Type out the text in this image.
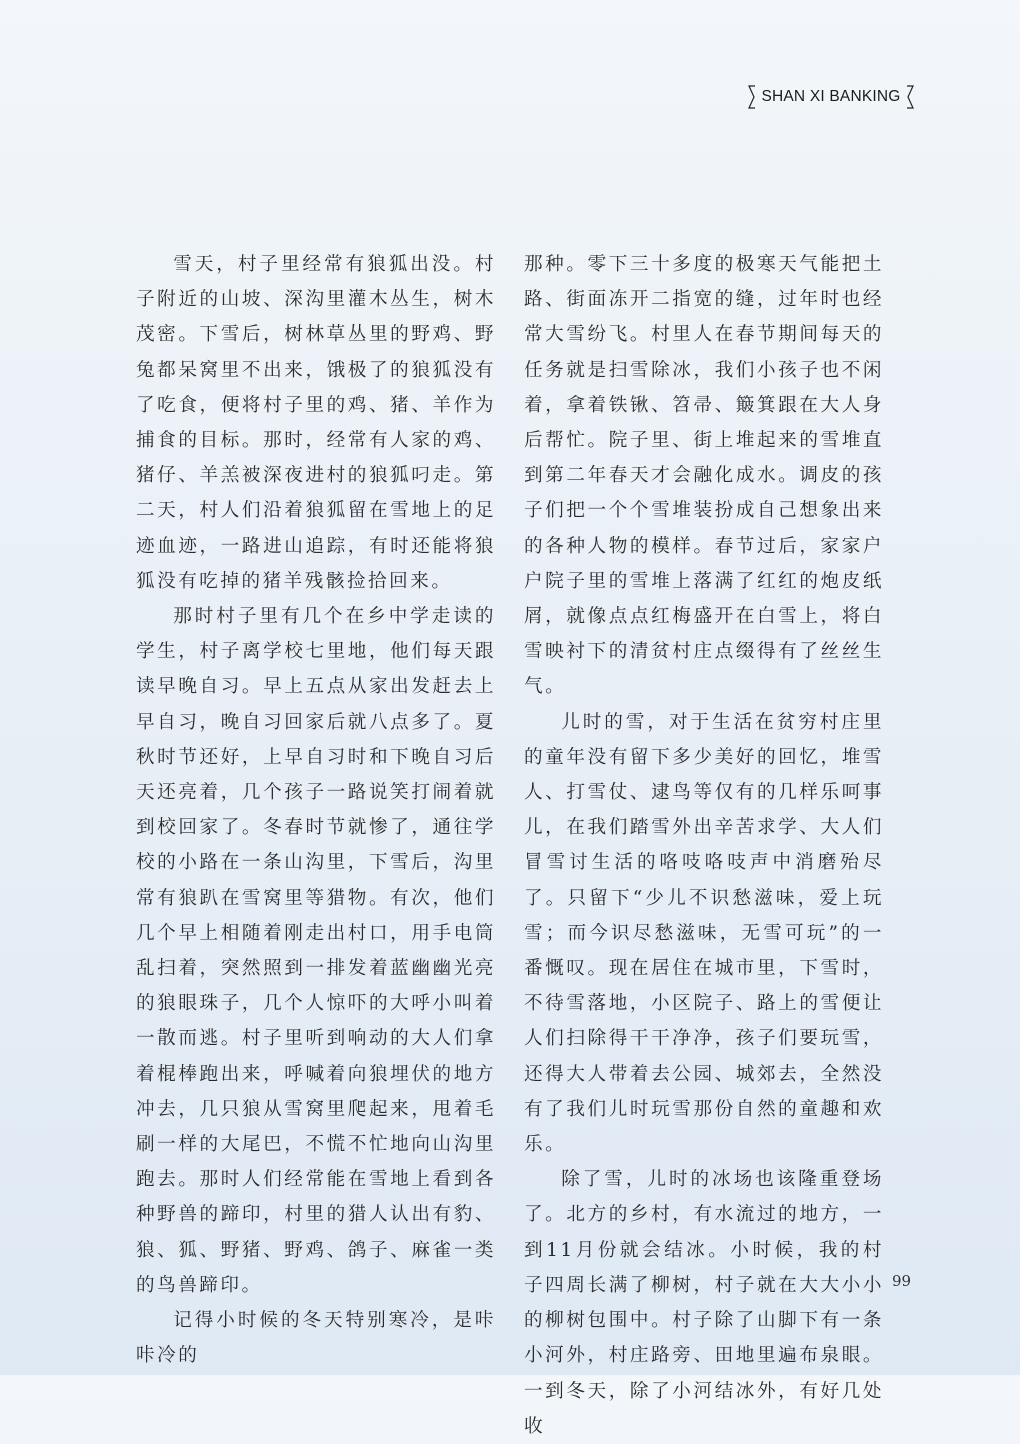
SHAN XI BANKING

雪天，村子里经常有狼狐出没。村子附近的山坡、深沟里灌木丛生，树木茂密。下雪后，树林草丛里的野鸡、野兔都呆窝里不出来，饿极了的狼狐没有了吃食，便将村子里的鸡、猪、羊作为捕食的目标。那时，经常有人家的鸡、猪仔、羊羔被深夜进村的狼狐叼走。第二天，村人们沿着狼狐留在雪地上的足迹血迹，一路进山追踪，有时还能将狼狐没有吃掉的猪羊残骸捡拾回来。

那时村子里有几个在乡中学走读的学生，村子离学校七里地，他们每天跟读早晚自习。早上五点从家出发赶去上早自习，晚自习回家后就八点多了。夏秋时节还好，上早自习时和下晚自习后天还亮着，几个孩子一路说笑打闹着就到校回家了。冬春时节就惨了，通往学校的小路在一条山沟里，下雪后，沟里常有狼趴在雪窝里等猎物。有次，他们几个早上相随着刚走出村口，用手电筒乱扫着，突然照到一排发着蓝幽幽光亮的狼眼珠子，几个人惊吓的大呼小叫着一散而逃。村子里听到响动的大人们拿着棍棒跑出来，呼喊着向狼埋伏的地方冲去，几只狼从雪窝里爬起来，甩着毛刷一样的大尾巴，不慌不忙地向山沟里跑去。那时人们经常能在雪地上看到各种野兽的蹄印，村里的猎人认出有豹、狼、狐、野猪、野鸡、鸽子、麻雀一类的鸟兽蹄印。

记得小时候的冬天特别寒冷，是咔咔冷的

那种。零下三十多度的极寒天气能把土路、街面冻开二指宽的缝，过年时也经常大雪纷飞。村里人在春节期间每天的任务就是扫雪除冰，我们小孩子也不闲着，拿着铁锹、笤帚、簸箕跟在大人身后帮忙。院子里、街上堆起来的雪堆直到第二年春天才会融化成水。调皮的孩子们把一个个雪堆装扮成自己想象出来的各种人物的模样。春节过后，家家户户院子里的雪堆上落满了红红的炮皮纸屑，就像点点红梅盛开在白雪上，将白雪映衬下的清贫村庄点缀得有了丝丝生气。

儿时的雪，对于生活在贫穷村庄里的童年没有留下多少美好的回忆，堆雪人、打雪仗、逮鸟等仅有的几样乐呵事儿，在我们踏雪外出辛苦求学、大人们冒雪讨生活的咯吱咯吱声中消磨殆尽了。只留下“少儿不识愁滋味，爱上玩雪；而今识尽愁滋味，无雪可玩”的一番慨叹。现在居住在城市里，下雪时，不待雪落地，小区院子、路上的雪便让人们扫除得干干净净，孩子们要玩雪，还得大人带着去公园、城郊去，全然没有了我们儿时玩雪那份自然的童趣和欢乐。

除了雪，儿时的冰场也该隆重登场了。北方的乡村，有水流过的地方，一到11月份就会结冰。小时候，我的村子四周长满了柳树，村子就在大大小小的柳树包围中。村子除了山脚下有一条小河外，村庄路旁、田地里遍布泉眼。一到冬天，除了小河结冰外，有好几处收

99
